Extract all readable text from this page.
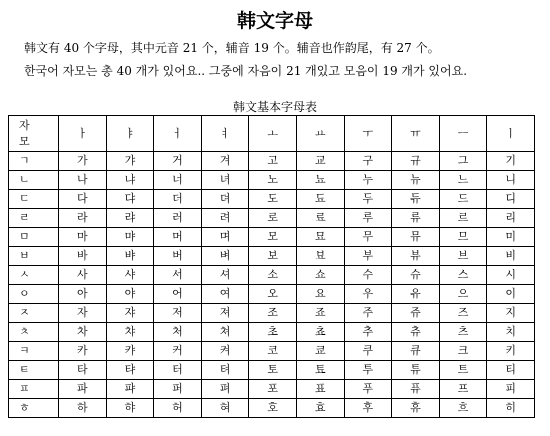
韩文字母
韩文有 40 个字母，其中元音 21 个，辅音 19 个。辅音也作韵尾，有 27 个。
한국어 자모는 총 40 개가 있어요.. 그중에 자음이 21 개있고 모음이 19 개가 있어요.
韩文基本字母表
자
모	ㅏ	ㅑ	ㅓ	ㅕ	ㅗ	ㅛ	ㅜ	ㅠ	ㅡ	ㅣ
ㄱ	가	갸	거	겨	고	교	구	규	그	기
ㄴ	나	냐	너	녀	노	뇨	누	뉴	느	니
ㄷ	다	댜	더	뎌	도	됴	두	듀	드	디
ㄹ	라	랴	러	려	로	료	루	류	르	리
ㅁ	마	먀	머	며	모	묘	무	뮤	므	미
ㅂ	바	뱌	버	벼	보	뵤	부	뷰	브	비
ㅅ	사	샤	서	셔	소	쇼	수	슈	스	시
ㅇ	아	야	어	여	오	요	우	유	으	이
ㅈ	자	쟈	저	져	조	죠	주	쥬	즈	지
ㅊ	차	챠	처	쳐	초	쵸	추	츄	츠	치
ㅋ	카	캬	커	켜	코	쿄	쿠	큐	크	키
ㅌ	타	탸	터	텨	토	툐	투	튜	트	티
ㅍ	파	퍄	퍼	펴	포	표	푸	퓨	프	피
ㅎ	하	햐	허	혀	호	효	후	휴	흐	히
